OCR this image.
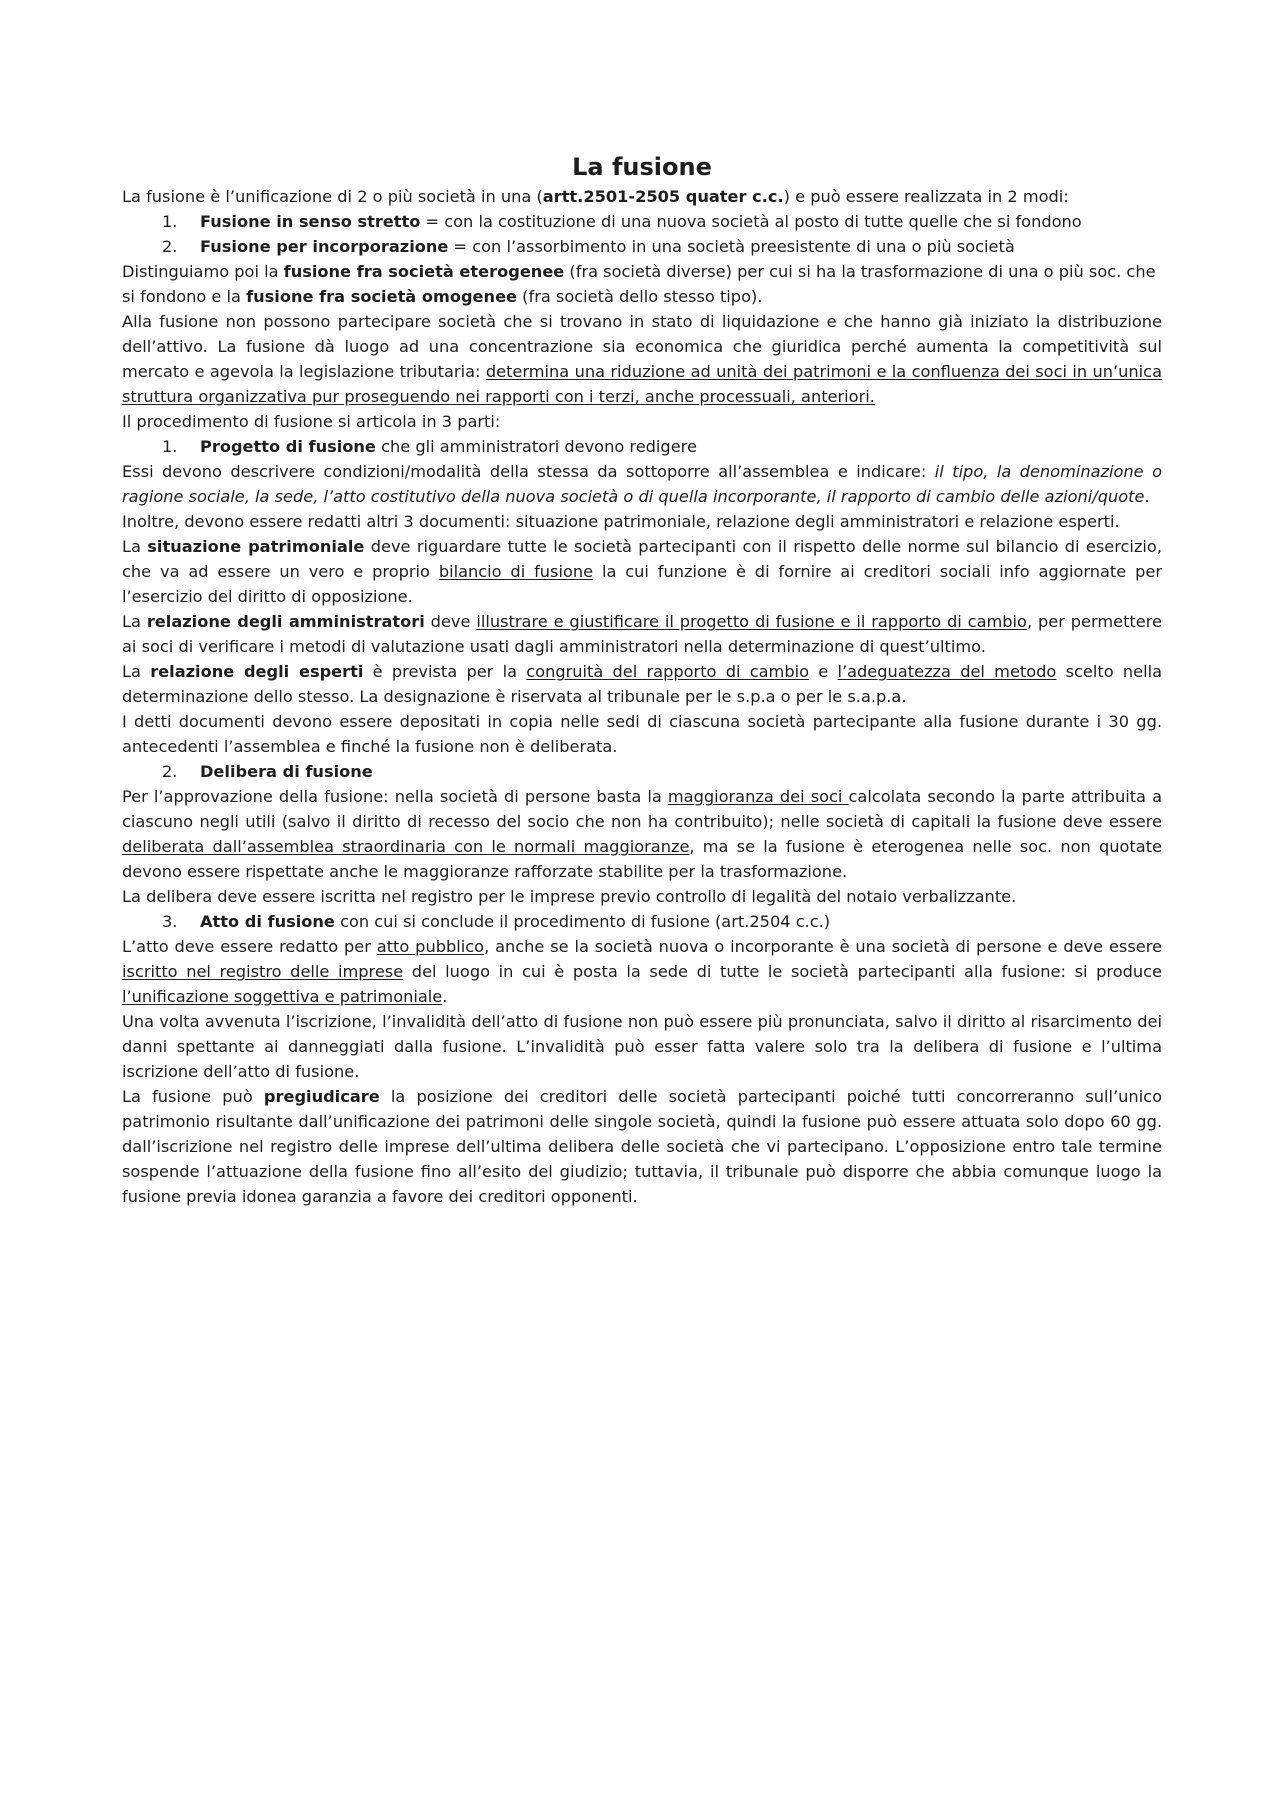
La fusione

La fusione è l’unificazione di 2 o più società in una (artt.2501-2505 quater c.c.) e può essere realizzata in 2 modi:

1. Fusione in senso stretto = con la costituzione di una nuova società al posto di tutte quelle che si fondono

2. Fusione per incorporazione = con l’assorbimento in una società preesistente di una o più società

Distinguiamo poi la fusione fra società eterogenee (fra società diverse) per cui si ha la trasformazione di una o più soc. che si fondono e la fusione fra società omogenee (fra società dello stesso tipo).

Alla fusione non possono partecipare società che si trovano in stato di liquidazione e che hanno già iniziato la distribuzione dell’attivo. La fusione dà luogo ad una concentrazione sia economica che giuridica perché aumenta la competitività sul mercato e agevola la legislazione tributaria: determina una riduzione ad unità dei patrimoni e la confluenza dei soci in un’unica struttura organizzativa pur proseguendo nei rapporti con i terzi, anche processuali, anteriori.

Il procedimento di fusione si articola in 3 parti:

1. Progetto di fusione che gli amministratori devono redigere

Essi devono descrivere condizioni/modalità della stessa da sottoporre all’assemblea e indicare: il tipo, la denominazione o ragione sociale, la sede, l’atto costitutivo della nuova società o di quella incorporante, il rapporto di cambio delle azioni/quote.

Inoltre, devono essere redatti altri 3 documenti: situazione patrimoniale, relazione degli amministratori e relazione esperti.

La situazione patrimoniale deve riguardare tutte le società partecipanti con il rispetto delle norme sul bilancio di esercizio, che va ad essere un vero e proprio bilancio di fusione la cui funzione è di fornire ai creditori sociali info aggiornate per l’esercizio del diritto di opposizione.

La relazione degli amministratori deve illustrare e giustificare il progetto di fusione e il rapporto di cambio, per permettere ai soci di verificare i metodi di valutazione usati dagli amministratori nella determinazione di quest’ultimo.

La relazione degli esperti è prevista per la congruità del rapporto di cambio e l’adeguatezza del metodo scelto nella determinazione dello stesso. La designazione è riservata al tribunale per le s.p.a o per le s.a.p.a.

I detti documenti devono essere depositati in copia nelle sedi di ciascuna società partecipante alla fusione durante i 30 gg. antecedenti l’assemblea e finché la fusione non è deliberata.

2. Delibera di fusione

Per l’approvazione della fusione: nella società di persone basta la maggioranza dei soci calcolata secondo la parte attribuita a ciascuno negli utili (salvo il diritto di recesso del socio che non ha contribuito); nelle società di capitali la fusione deve essere deliberata dall’assemblea straordinaria con le normali maggioranze, ma se la fusione è eterogenea nelle soc. non quotate devono essere rispettate anche le maggioranze rafforzate stabilite per la trasformazione.

La delibera deve essere iscritta nel registro per le imprese previo controllo di legalità del notaio verbalizzante.

3. Atto di fusione con cui si conclude il procedimento di fusione (art.2504 c.c.)

L’atto deve essere redatto per atto pubblico, anche se la società nuova o incorporante è una società di persone e deve essere iscritto nel registro delle imprese del luogo in cui è posta la sede di tutte le società partecipanti alla fusione: si produce l’unificazione soggettiva e patrimoniale.

Una volta avvenuta l’iscrizione, l’invalidità dell’atto di fusione non può essere più pronunciata, salvo il diritto al risarcimento dei danni spettante ai danneggiati dalla fusione. L’invalidità può esser fatta valere solo tra la delibera di fusione e l’ultima iscrizione dell’atto di fusione.

La fusione può pregiudicare la posizione dei creditori delle società partecipanti poiché tutti concorreranno sull’unico patrimonio risultante dall’unificazione dei patrimoni delle singole società, quindi la fusione può essere attuata solo dopo 60 gg. dall’iscrizione nel registro delle imprese dell’ultima delibera delle società che vi partecipano. L’opposizione entro tale termine sospende l’attuazione della fusione fino all’esito del giudizio; tuttavia, il tribunale può disporre che abbia comunque luogo la fusione previa idonea garanzia a favore dei creditori opponenti.
